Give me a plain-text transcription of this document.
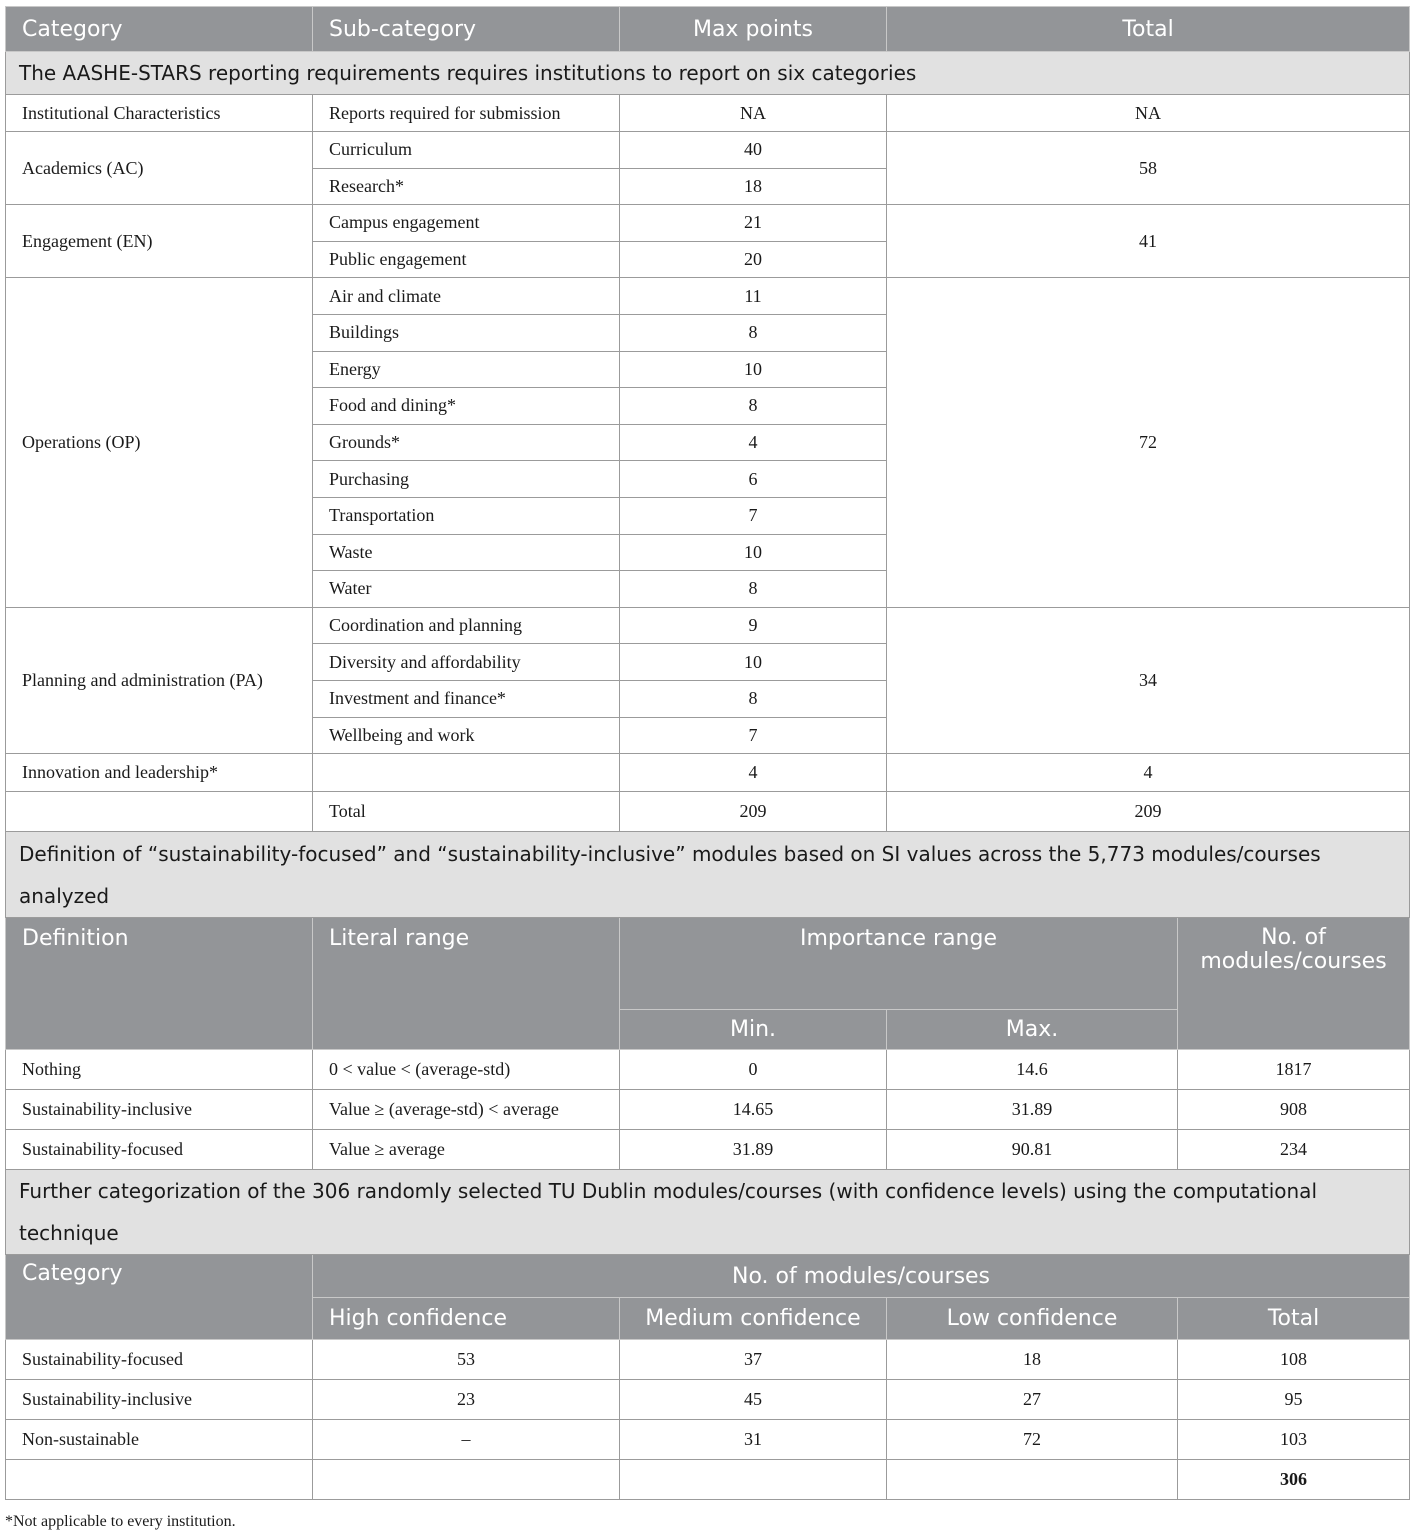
Category	Sub-category	Max points	Total	
The AASHE-STARS reporting requirements requires institutions to report on six categories				
Institutional Characteristics	Reports required for submission	NA	NA	
Academics (AC)	Curriculum	40	58	
	Research*	18		
Engagement (EN)	Campus engagement	21	41	
	Public engagement	20		
Operations (OP)	Air and climate	11	72	
	Buildings	8		
	Energy	10		
	Food and dining*	8		
	Grounds*	4		
	Purchasing	6		
	Transportation	7		
	Waste	10		
	Water	8		
Planning and administration (PA)	Coordination and planning	9	34	
	Diversity and affordability	10		
	Investment and finance*	8		
	Wellbeing and work	7		
Innovation and leadership*		4	4	
	Total	209	209	
Definition of “sustainability-focused” and “sustainability-inclusive” modules based on SI values across the 5,773 modules/courses analyzed				
Definition	Literal range	Importance range		No. of modules/courses
		Min.	Max.	
Nothing	0 < value < (average-std)	0	14.6	1817
Sustainability-inclusive	Value ≥ (average-std) < average	14.65	31.89	908
Sustainability-focused	Value ≥ average	31.89	90.81	234
Further categorization of the 306 randomly selected TU Dublin modules/courses (with confidence levels) using the computational technique				
Category	No. of modules/courses			
	High confidence	Medium confidence	Low confidence	Total
Sustainability-focused	53	37	18	108
Sustainability-inclusive	23	45	27	95
Non-sustainable	–	31	72	103
				306
*Not applicable to every institution.
